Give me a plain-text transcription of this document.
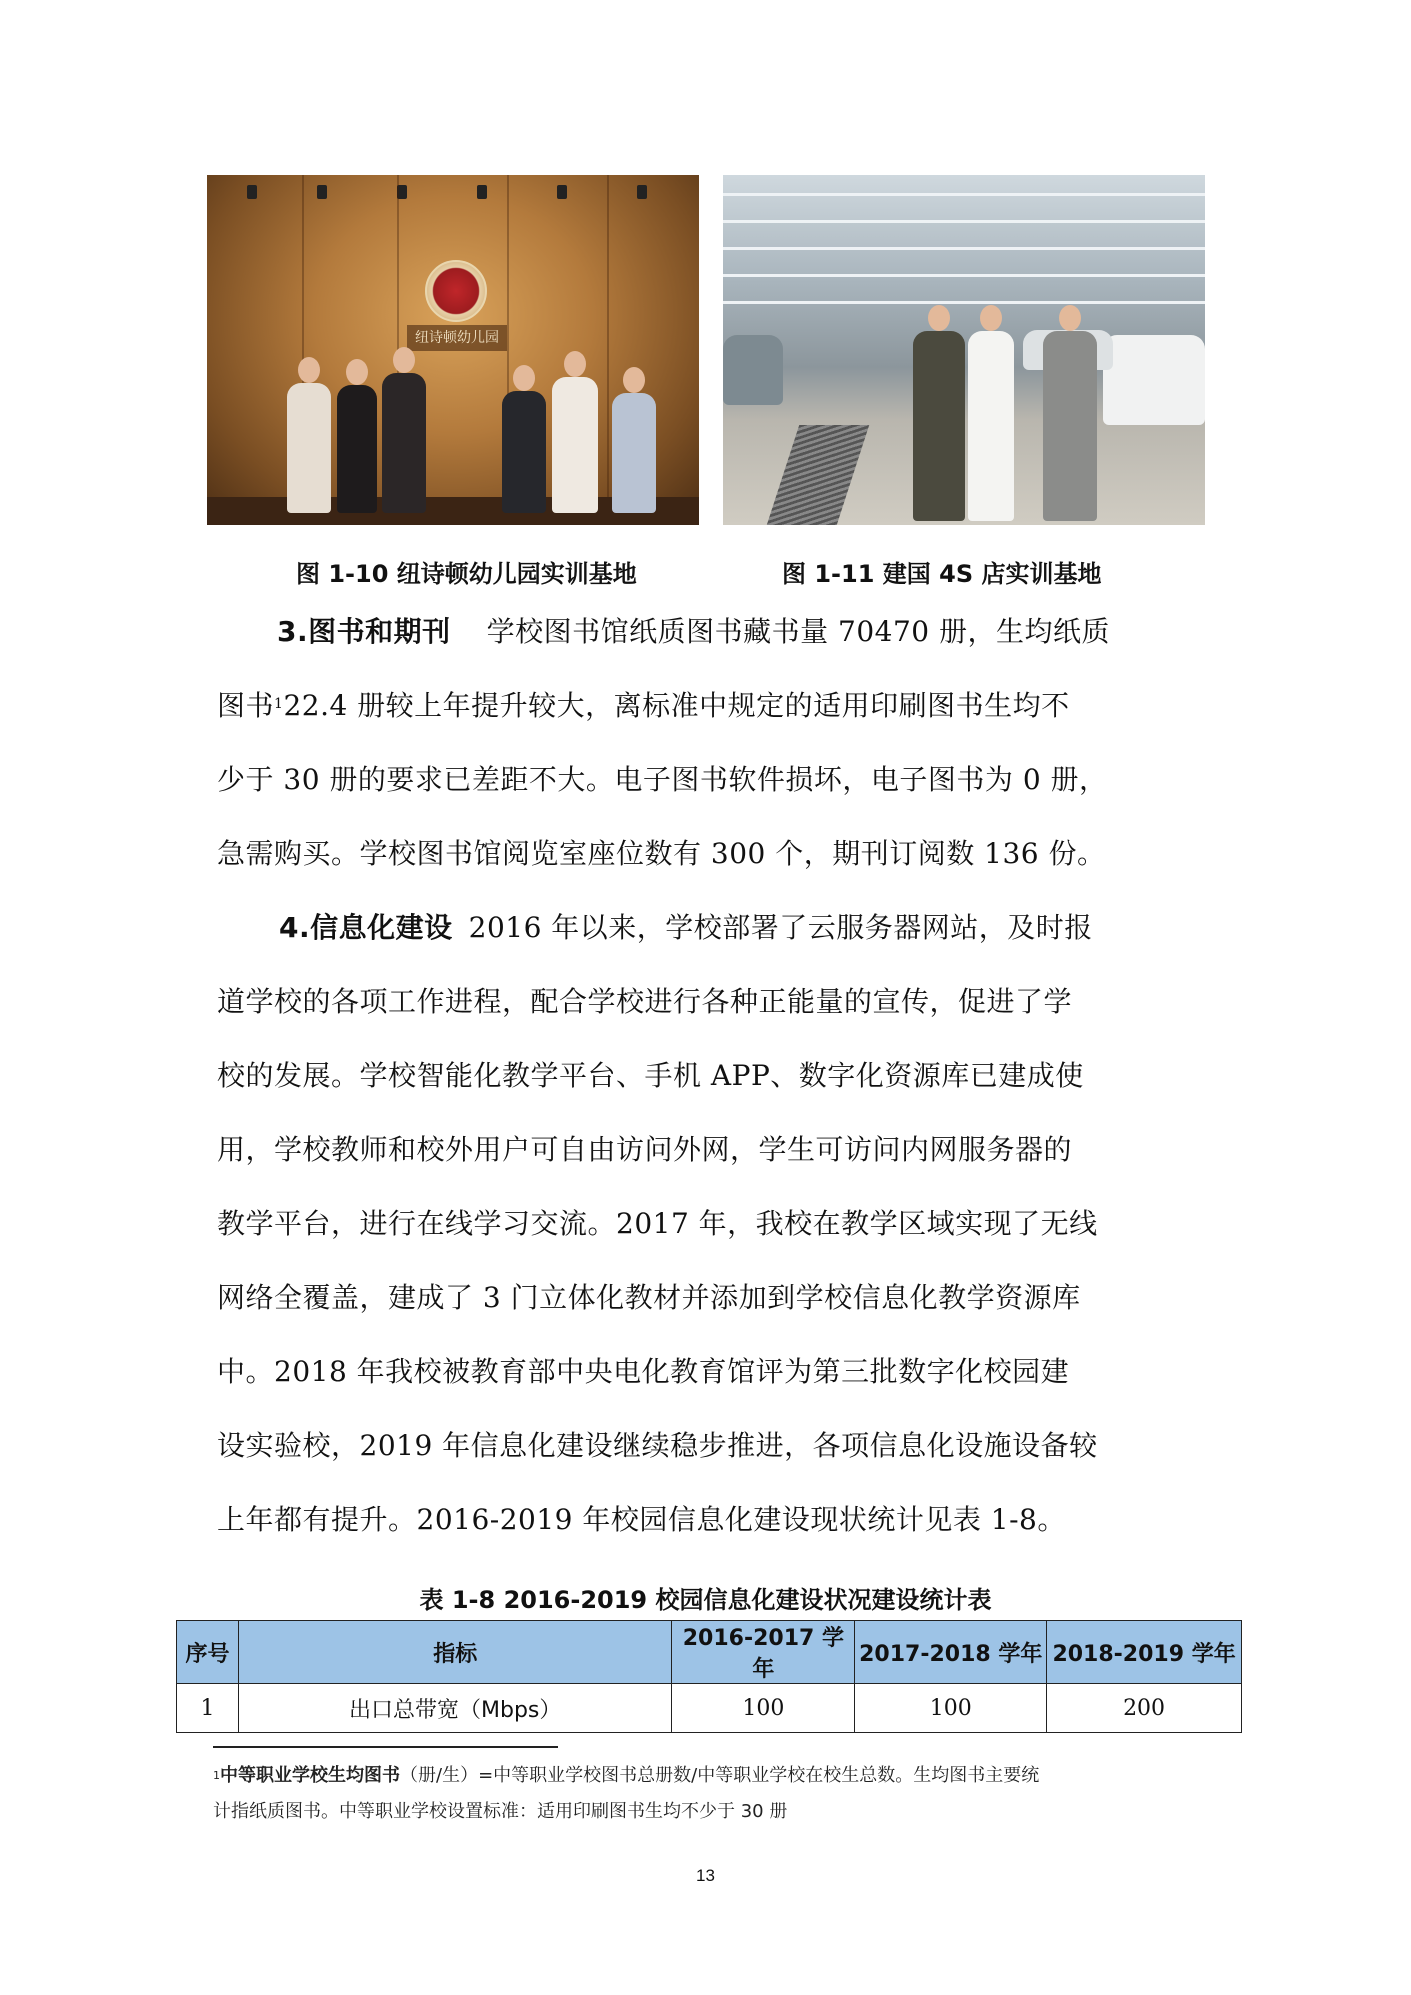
纽诗顿幼儿园
图 1-10 纽诗顿幼儿园实训基地	图 1-11 建国 4S 店实训基地
3.图书和期刊 学校图书馆纸质图书藏书量 70470 册，生均纸质
图书$^1$22.4 册较上年提升较大，离标准中规定的适用印刷图书生均不
少于 30 册的要求已差距不大。电子图书软件损坏，电子图书为 0 册，
急需购买。学校图书馆阅览室座位数有 300 个，期刊订阅数 136 份。
4.信息化建设 2016 年以来，学校部署了云服务器网站，及时报
道学校的各项工作进程，配合学校进行各种正能量的宣传，促进了学
校的发展。学校智能化教学平台、手机 APP、数字化资源库已建成使
用，学校教师和校外用户可自由访问外网，学生可访问内网服务器的
教学平台，进行在线学习交流。2017 年，我校在教学区域实现了无线
网络全覆盖，建成了 3 门立体化教材并添加到学校信息化教学资源库
中。2018 年我校被教育部中央电化教育馆评为第三批数字化校园建
设实验校，2019 年信息化建设继续稳步推进，各项信息化设施设备较
上年都有提升。2016-2019 年校园信息化建设现状统计见表 1-8。
表 1-8 2016-2019 校园信息化建设状况建设统计表
序号	指标	2016-2017 学年	2017-2018 学年	2018-2019 学年
1	出口总带宽（Mbps）	100	100	200
$^1$中等职业学校生均图书（册/生）=中等职业学校图书总册数/中等职业学校在校生总数。生均图书主要统
计指纸质图书。中等职业学校设置标准：适用印刷图书生均不少于 30 册
13
